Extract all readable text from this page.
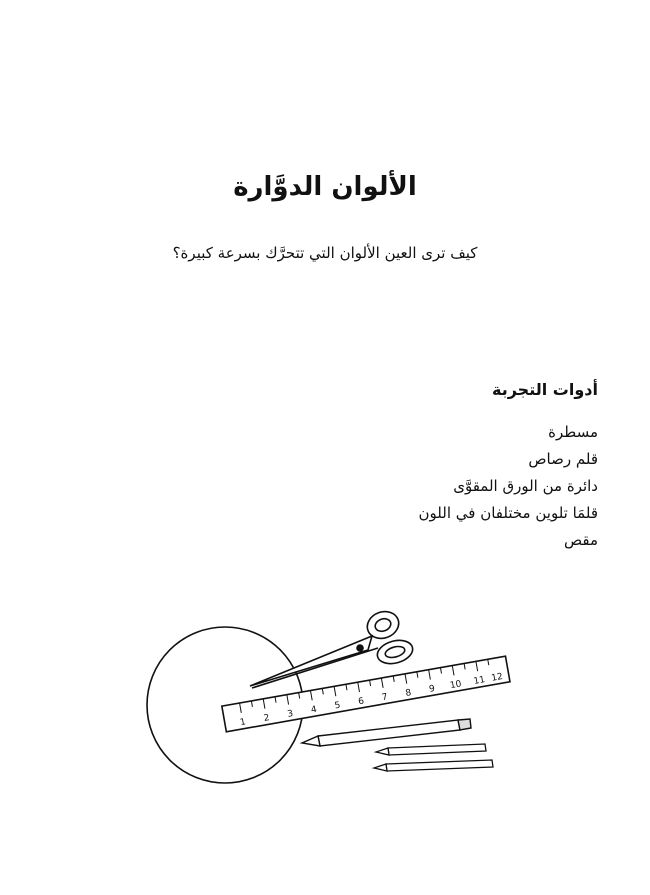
الألوان الدوَّارة

كيف ترى العين الألوان التي تتحرَّك بسرعة كبيرة؟

أدوات التجربة
مسطرة
قلم رصاص
دائرة من الورق المقوَّى
قلمَا تلوين مختلفان في اللون
مقص
1 2 3 4 5 6 7 8 9 10 11 12
